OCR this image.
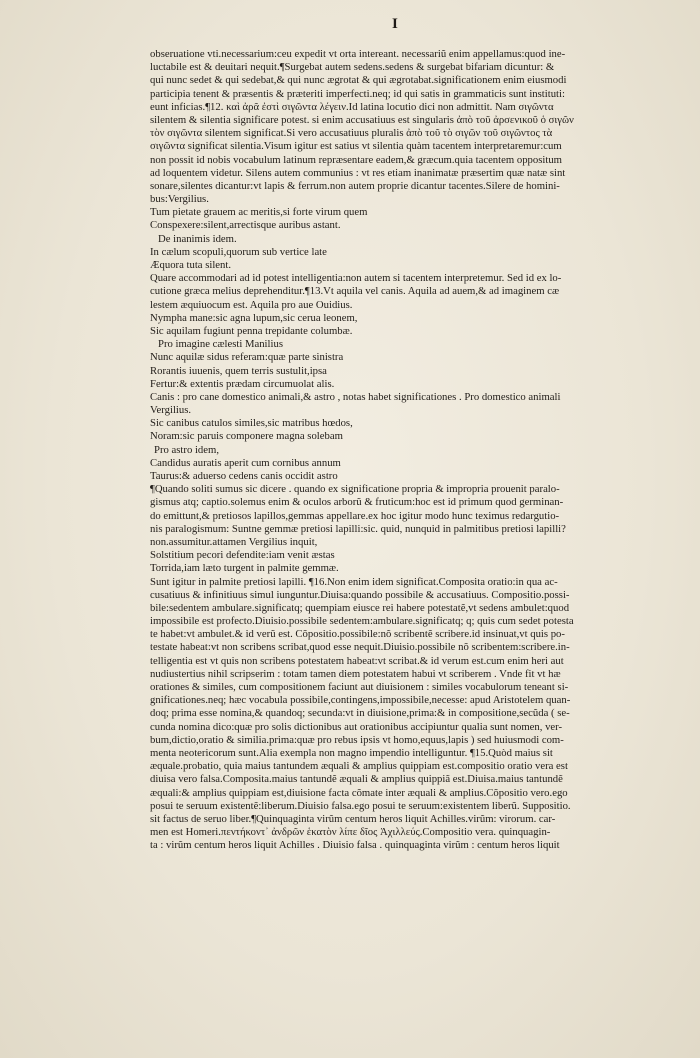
I
obseruatione vti.necessarium:ceu expedit vt orta intereant. necessariũ enim appellamus:quod ine-
luctabile est & deuitari nequit.¶Surgebat autem sedens.sedens & surgebat bifariam dicuntur: &
qui nunc sedet & qui sedebat,& qui nunc ægrotat & qui ægrotabat.significationem enim eiusmodi
participia tenent & præsentis & præteriti imperfecti.neq; id qui satis in grammaticis sunt instituti:
eunt inficias.¶12. καὶ ἀρᾶ ἐστὶ σιγῶντα λέγειν.Id latina locutio dici non admittit. Nam σιγῶντα
silentem & silentia significare potest. si enim accusatiuus est singularis ἀπὸ τοῦ ἀρσενικοῦ ὁ σιγῶν
τὸν σιγῶντα silentem significat.Si vero accusatiuus pluralis ἀπὸ τοῦ τὸ σιγῶν τοῦ σιγῶντος τὰ
σιγῶντα significat silentia.Visum igitur est satius vt silentia quàm tacentem interpretaremur:cum
non possit id nobis vocabulum latinum repræsentare eadem,& græcum.quia tacentem oppositum
ad loquentem videtur. Silens autem communius : vt res etiam inanimatæ præsertim quæ natæ sint
sonare,silentes dicantur:vt lapis & ferrum.non autem proprie dicantur tacentes.Silere de homini-
bus:Vergilius.
Tum pietate grauem ac meritis,si forte virum quem
Conspexere:silent,arrectisque auribus astant.
De inanimis idem.
In cælum scopuli,quorum sub vertice late
Æquora tuta silent.
Quare accommodari ad id potest intelligentia:non autem si tacentem interpretemur. Sed id ex lo-
cutione græca melius deprehenditur.¶13.Vt aquila vel canis. Aquila ad auem,& ad imaginem cæ
lestem æquiuocum est. Aquila pro aue Ouidius.
Nympha mane:sic agna lupum,sic cerua leonem,
Sic aquilam fugiunt penna trepidante columbæ.
Pro imagine cælesti Manilius
Nunc aquilæ sidus referam:quæ parte sinistra
Rorantis iuuenis, quem terris sustulit,ipsa
Fertur:& extentis prædam circumuolat alis.
Canis : pro cane domestico animali,& astro , notas habet significationes . Pro domestico animali
Vergilius.
Sic canibus catulos similes,sic matribus hœdos,
Noram:sic paruis componere magna solebam
Pro astro idem,
Candidus auratis aperit cum cornibus annum
Taurus:& aduerso cedens canis occidit astro
¶Quando soliti sumus sic dicere . quando ex significatione propria & impropria prouenit paralo-
gismus atq; captio.solemus enim & oculos arborũ & fruticum:hoc est id primum quod germinan-
do emittunt,& pretiosos lapillos,gemmas appellare.ex hoc igitur modo hunc teximus redargutio-
nis paralogismum: Suntne gemmæ pretiosi lapilli:sic. quid, nunquid in palmitibus pretiosi lapilli?
non.assumitur.attamen Vergilius inquit,
Solstitium pecori defendite:iam venit æstas
Torrida,iam læto turgent in palmite gemmæ.
Sunt igitur in palmite pretiosi lapilli. ¶16.Non enim idem significat.Composita oratio:in qua ac-
cusatiuus & infinitiuus simul iunguntur.Diuisa:quando possibile & accusatiuus. Compositio.possi-
bile:sedentem ambulare.significatq; quempiam eiusce rei habere potestatẽ,vt sedens ambulet:quod
impossibile est profecto.Diuisio.possibile sedentem:ambulare.significatq; q; quis cum sedet potesta
te habet:vt ambulet.& id verũ est. Cõpositio.possibile:nõ scribentẽ scribere.id insinuat,vt quis po-
testate habeat:vt non scribens scribat,quod esse nequit.Diuisio.possibile nõ scribentem:scribere.in-
telligentia est vt quis non scribens potestatem habeat:vt scribat.& id verum est.cum enim heri aut
nudiustertius nihil scripserim : totam tamen diem potestatem habui vt scriberem . Vnde fit vt hæ
orationes & similes, cum compositionem faciunt aut diuisionem : similes vocabulorum teneant si-
gnificationes.neq; hæc vocabula possibile,contingens,impossibile,necesse: apud Aristotelem quan-
doq; prima esse nomina,& quandoq; secunda:vt in diuisione,prima:& in compositione,secũda ( se-
cunda nomina dico:quæ pro solis dictionibus aut orationibus accipiuntur qualia sunt nomen, ver-
bum,dictio,oratio & similia.prima:quæ pro rebus ipsis vt homo,equus,lapis ) sed huiusmodi com-
menta neotericorum sunt.Alia exempla non magno impendio intelliguntur. ¶15.Quòd maius sit
æquale.probatio, quia maius tantundem æquali & amplius quippiam est.compositio oratio vera est
diuisa vero falsa.Composita.maius tantundẽ æquali & amplius quippiã est.Diuisa.maius tantundẽ
æquali:& amplius quippiam est,diuisione facta cõmate inter æquali & amplius.Cõpositio vero.ego
posui te seruum existentẽ:liberum.Diuisio falsa.ego posui te seruum:existentem liberũ. Suppositio.
sit factus de seruo liber.¶Quinquaginta virũm centum heros liquit Achilles.virũm: virorum. car-
men est Homeri.πεντήκοντ᾽ ἀνδρῶν ἑκατὸν λίπε δῖος Ἀχιλλεύς.Compositio vera. quinquagin-
ta : virũm centum heros liquit Achilles . Diuisio falsa . quinquaginta virũm : centum heros liquit
